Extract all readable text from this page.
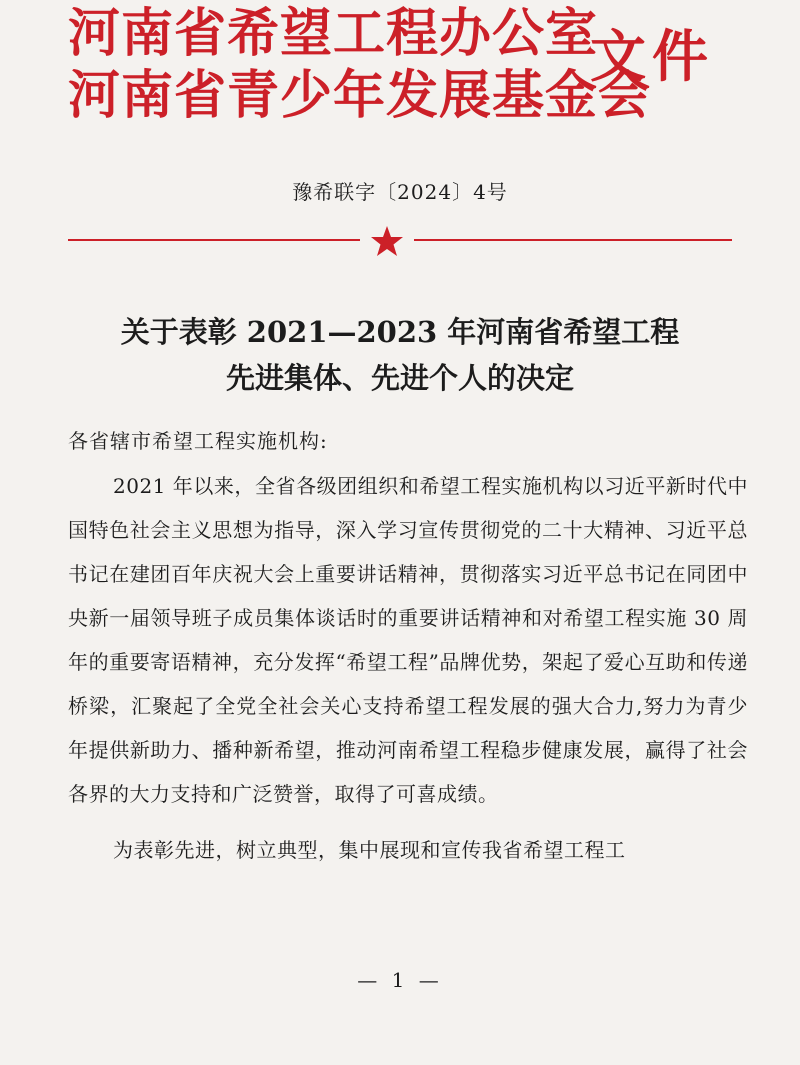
河南省希望工程办公室
河南省青少年发展基金会
文件
豫希联字〔2024〕4号
关于表彰 2021—2023 年河南省希望工程
先进集体、先进个人的决定
各省辖市希望工程实施机构:

2021 年以来，全省各级团组织和希望工程实施机构以习近平新时代中国特色社会主义思想为指导，深入学习宣传贯彻党的二十大精神、习近平总书记在建团百年庆祝大会上重要讲话精神，贯彻落实习近平总书记在同团中央新一届领导班子成员集体谈话时的重要讲话精神和对希望工程实施 30 周年的重要寄语精神，充分发挥“希望工程”品牌优势，架起了爱心互助和传递桥梁，汇聚起了全党全社会关心支持希望工程发展的强大合力,努力为青少年提供新助力、播种新希望，推动河南希望工程稳步健康发展，赢得了社会各界的大力支持和广泛赞誉，取得了可喜成绩。

为表彰先进，树立典型，集中展现和宣传我省希望工程工

— 1 —
